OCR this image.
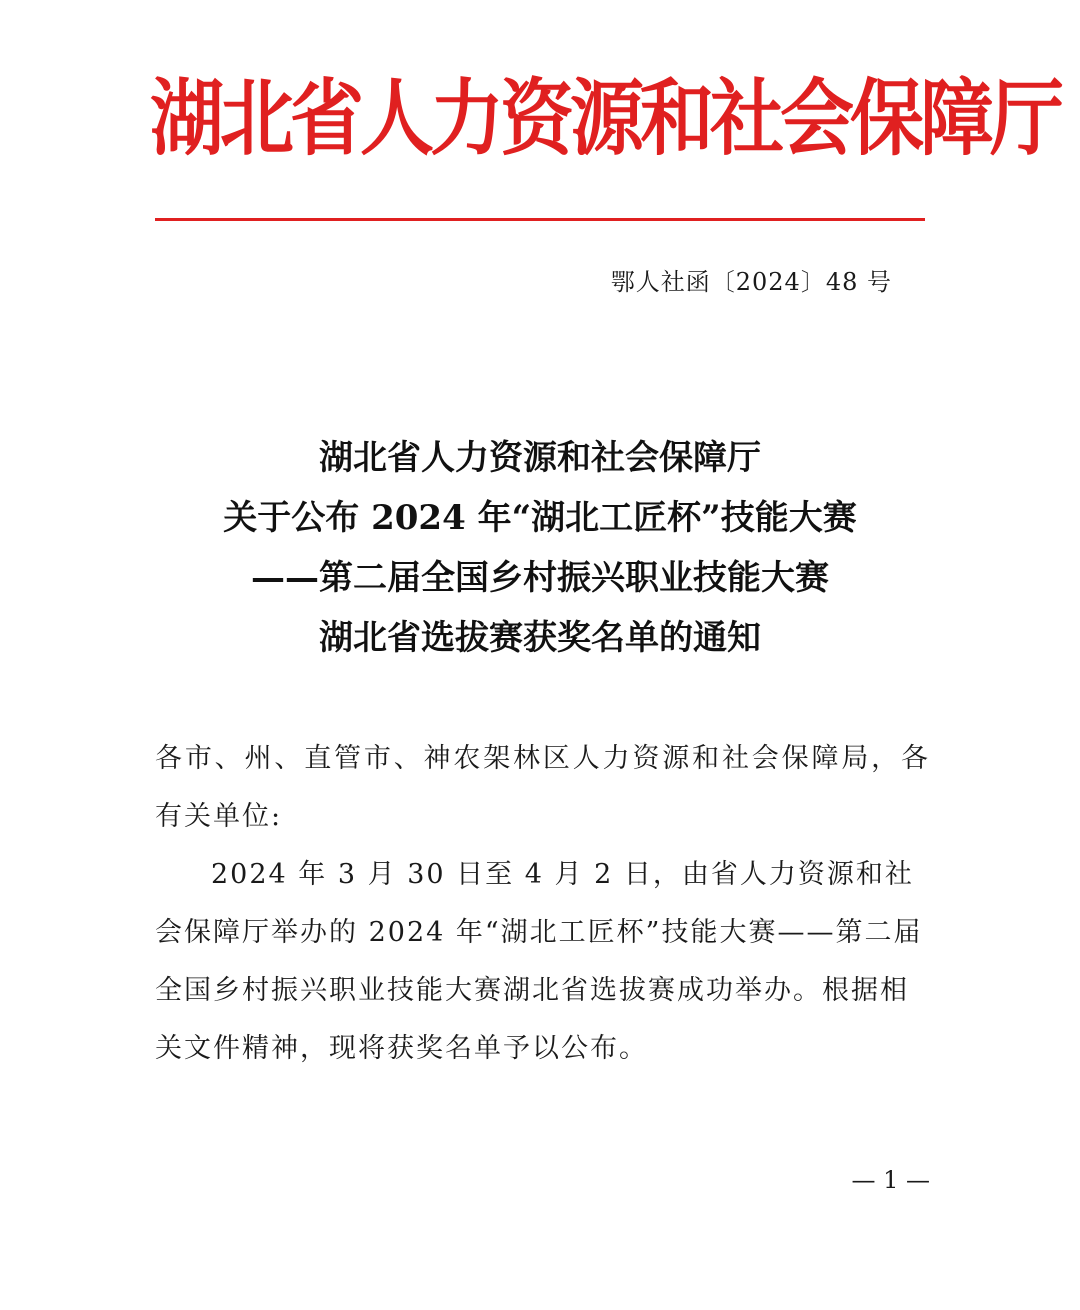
湖北省人力资源和社会保障厅
鄂人社函〔2024〕48 号
湖北省人力资源和社会保障厅
关于公布 2024 年“湖北工匠杯”技能大赛
——第二届全国乡村振兴职业技能大赛
湖北省选拔赛获奖名单的通知

各市、州、直管市、神农架林区人力资源和社会保障局，各有关单位:

2024 年 3 月 30 日至 4 月 2 日，由省人力资源和社会保障厅举办的 2024 年“湖北工匠杯”技能大赛——第二届全国乡村振兴职业技能大赛湖北省选拔赛成功举办。根据相关文件精神，现将获奖名单予以公布。

— 1 —
